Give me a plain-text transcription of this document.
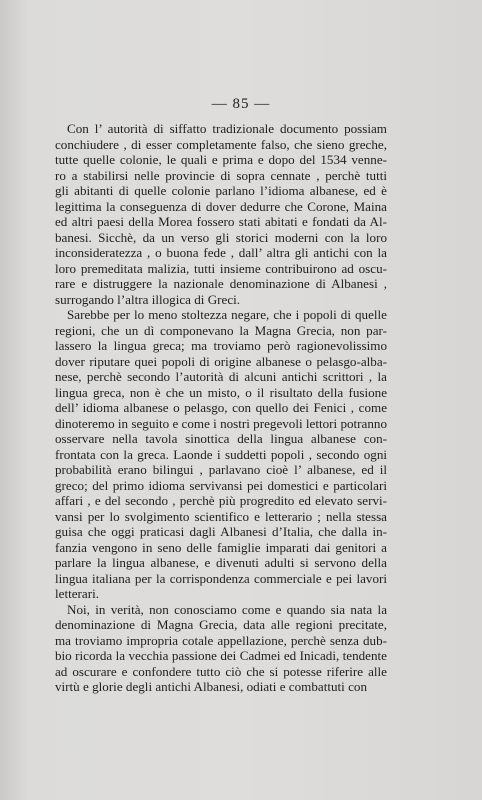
— 85 —
Con l’ autorità di siffatto tradizionale documento possiam
conchiudere , di esser completamente falso, che sieno greche,
tutte quelle colonie, le quali e prima e dopo del 1534 venne-
ro a stabilirsi nelle provincie di sopra cennate , perchè tutti
gli abitanti di quelle colonie parlano l’idioma albanese, ed è
legittima la conseguenza di dover dedurre che Corone, Maina
ed altri paesi della Morea fossero stati abitati e fondati da Al-
banesi. Sicchè, da un verso gli storici moderni con la loro
inconsideratezza , o buona fede , dall’ altra gli antichi con la
loro premeditata malizia, tutti insieme contribuirono ad oscu-
rare e distruggere la nazionale denominazione di Albanesi ,
surrogando l’altra illogica di Greci.
Sarebbe per lo meno stoltezza negare, che i popoli di quelle
regioni, che un dì componevano la Magna Grecia, non par-
lassero la lingua greca; ma troviamo però ragionevolissimo
dover riputare quei popoli di origine albanese o pelasgo-alba-
nese, perchè secondo l’autorità di alcuni antichi scrittori , la
lingua greca, non è che un misto, o il risultato della fusione
dell’ idioma albanese o pelasgo, con quello dei Fenici , come
dinoteremo in seguito e come i nostri pregevoli lettori potranno
osservare nella tavola sinottica della lingua albanese con-
frontata con la greca. Laonde i suddetti popoli , secondo ogni
probabilità erano bilingui , parlavano cioè l’ albanese, ed il
greco; del primo idioma servivansi pei domestici e particolari
affari , e del secondo , perchè più progredito ed elevato servi-
vansi per lo svolgimento scientifico e letterario ; nella stessa
guisa che oggi praticasi dagli Albanesi d’Italia, che dalla in-
fanzia vengono in seno delle famiglie imparati dai genitori a
parlare la lingua albanese, e divenuti adulti si servono della
lingua italiana per la corrispondenza commerciale e pei lavori
letterari.
Noi, in verità, non conosciamo come e quando sia nata la
denominazione di Magna Grecia, data alle regioni precitate,
ma troviamo impropria cotale appellazione, perchè senza dub-
bio ricorda la vecchia passione dei Cadmei ed Inicadi, tendente
ad oscurare e confondere tutto ciò che si potesse riferire alle
virtù e glorie degli antichi Albanesi, odiati e combattuti con
